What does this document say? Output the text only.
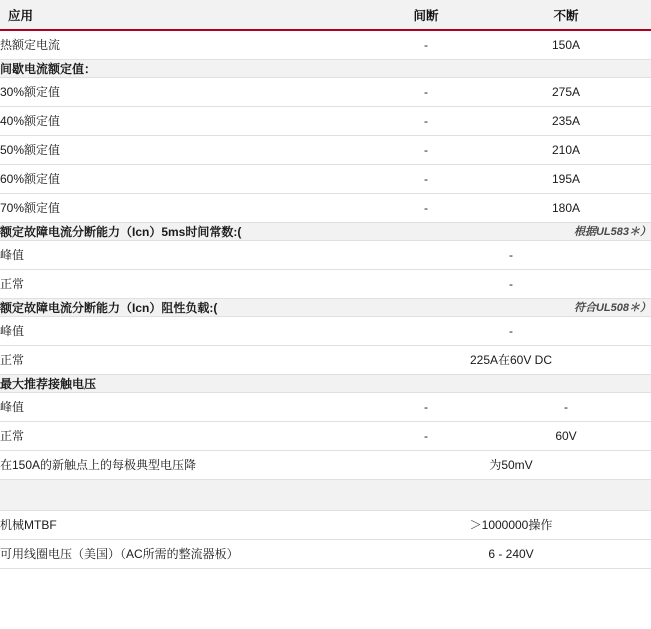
应用	间断	不断
热额定电流	-	150A
间歇电流额定值：		
30%额定值	-	275A
40%额定值	-	235A
50%额定值	-	210A
60%额定值	-	195A
70%额定值	-	180A
额定故障电流分断能力（Icn）5ms时间常数:(	根据UL583＊）	
峰值	-	
正常	-	
额定故障电流分断能力（Icn）阻性负载:(	符合UL508＊）	
峰值	-	
正常	225A在60V DC	
最大推荐接触电压		
峰值	-	-
正常	-	60V
在150A的新触点上的每极典型电压降	为50mV	

机械MTBF	＞1000000操作	
可用线圈电压（美国）（AC所需的整流器板）	6 - 240V	
